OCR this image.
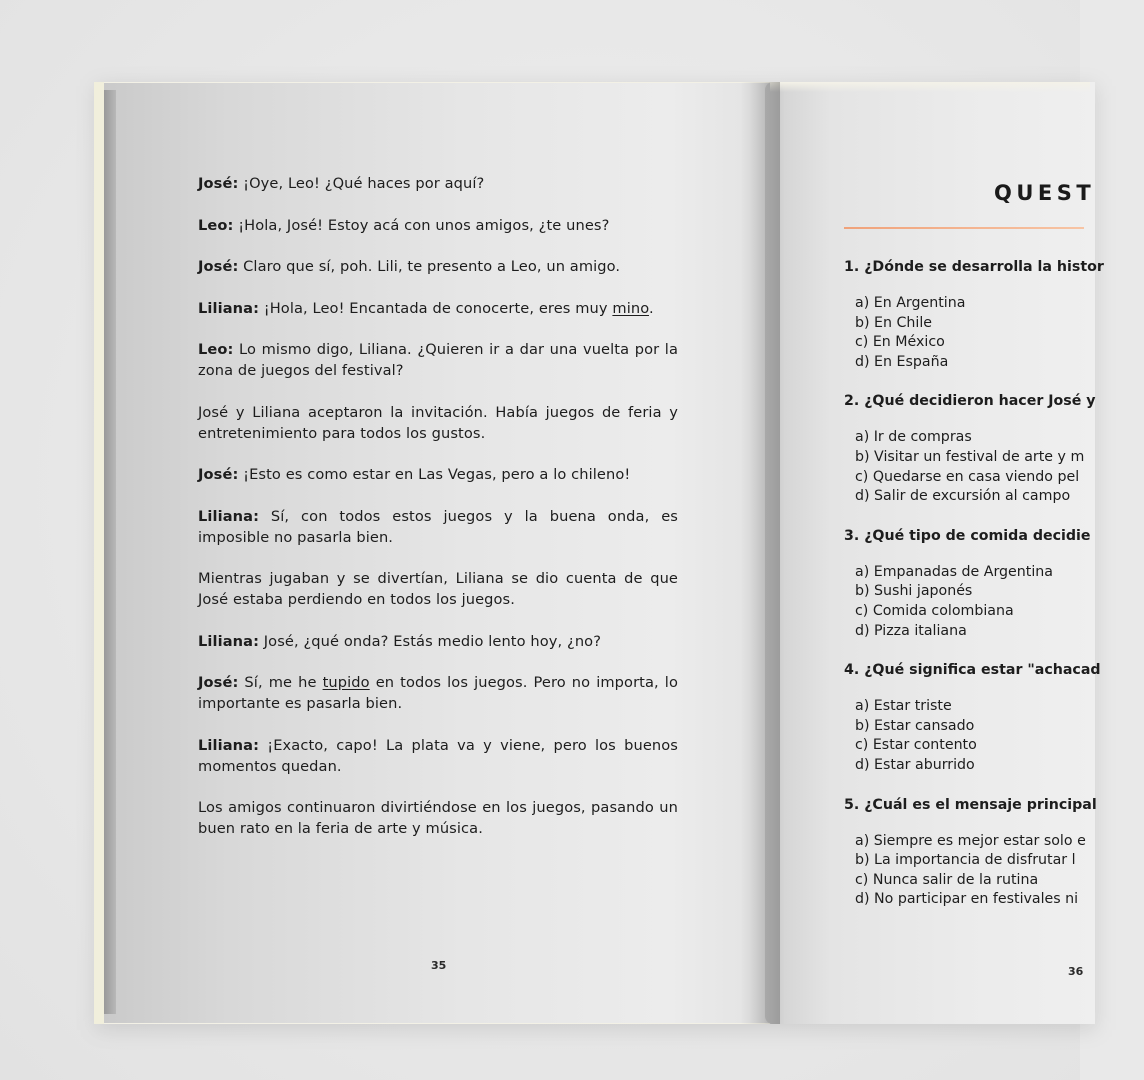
José: ¡Oye, Leo! ¿Qué haces por aquí?

Leo: ¡Hola, José! Estoy acá con unos amigos, ¿te unes?

José: Claro que sí, poh. Lili, te presento a Leo, un amigo.

Liliana: ¡Hola, Leo! Encantada de conocerte, eres muy mino.

Leo: Lo mismo digo, Liliana. ¿Quieren ir a dar una vuelta por la zona de juegos del festival?

José y Liliana aceptaron la invitación. Había juegos de feria y entretenimiento para todos los gustos.

José: ¡Esto es como estar en Las Vegas, pero a lo chileno!

Liliana: Sí, con todos estos juegos y la buena onda, es imposible no pasarla bien.

Mientras jugaban y se divertían, Liliana se dio cuenta de que José estaba perdiendo en todos los juegos.

Liliana: José, ¿qué onda? Estás medio lento hoy, ¿no?

José: Sí, me he tupido en todos los juegos. Pero no importa, lo importante es pasarla bien.

Liliana: ¡Exacto, capo! La plata va y viene, pero los buenos momentos quedan.

Los amigos continuaron divirtiéndose en los juegos, pasando un buen rato en la feria de arte y música.

35
QUEST
1. ¿Dónde se desarrolla la histor
a) En Argentina
b) En Chile
c) En México
d) En España
2. ¿Qué decidieron hacer José y
a) Ir de compras
b) Visitar un festival de arte y m
c) Quedarse en casa viendo pel
d) Salir de excursión al campo
3. ¿Qué tipo de comida decidie
a) Empanadas de Argentina
b) Sushi japonés
c) Comida colombiana
d) Pizza italiana
4. ¿Qué significa estar "achacad
a) Estar triste
b) Estar cansado
c) Estar contento
d) Estar aburrido
5. ¿Cuál es el mensaje principal
a) Siempre es mejor estar solo e
b) La importancia de disfrutar l
c) Nunca salir de la rutina
d) No participar en festivales ni
36
